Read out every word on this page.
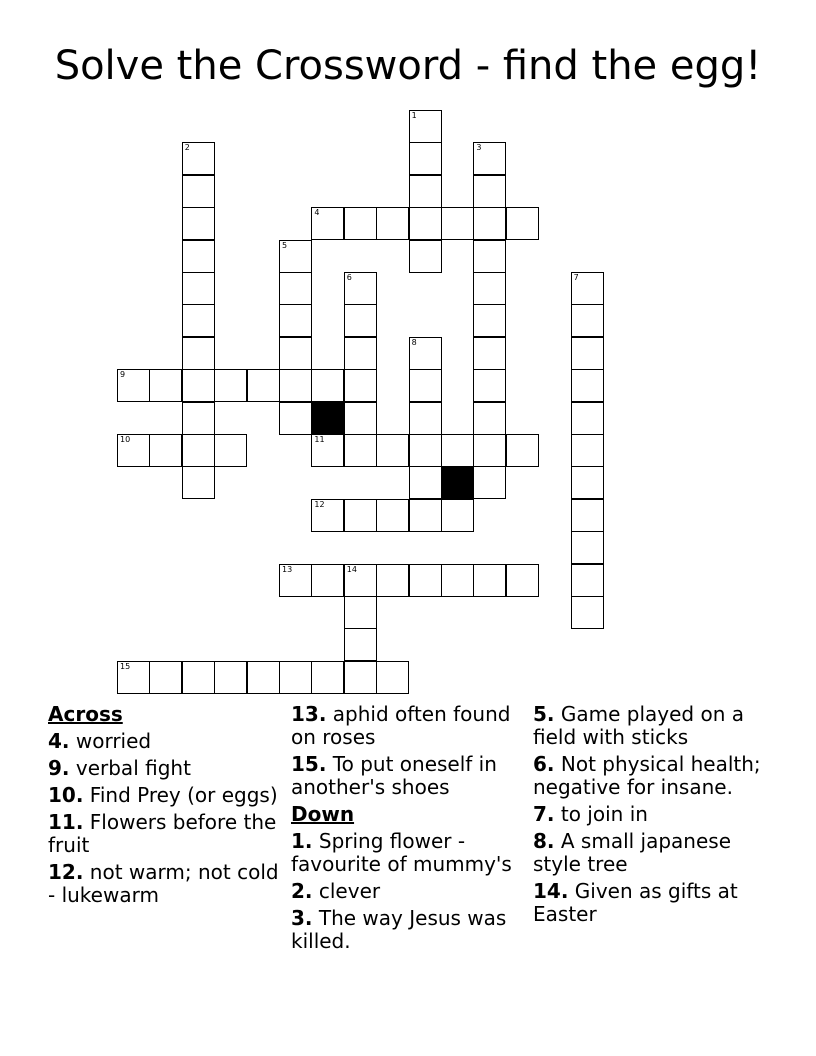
Solve the Crossword - find the egg!
1
2	3
4
5
6	7
8
9
10	11
12
13	14
15
Across
4. worried
9. verbal fight
10. Find Prey (or eggs)
11. Flowers before the fruit
12. not warm; not cold - lukewarm
13. aphid often found on roses
15. To put oneself in another's shoes
Down
1. Spring flower - favourite of mummy's
2. clever
3. The way Jesus was killed.
5. Game played on a field with sticks
6. Not physical health; negative for insane.
7. to join in
8. A small japanese style tree
14. Given as gifts at Easter
